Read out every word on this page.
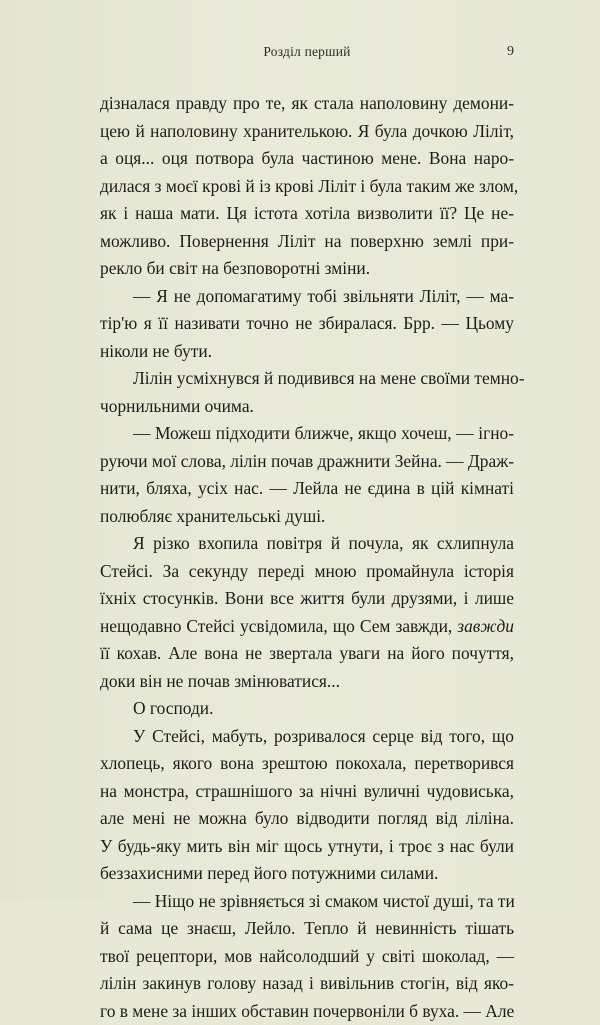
Розділ перший	9
дізналася правду про те, як стала наполовину демони-
цею й наполовину хранителькою. Я була дочкою Ліліт,
а оця... оця потвора була частиною мене. Вона наро-
дилася з моєї крові й із крові Ліліт і була таким же злом,
як і наша мати. Ця істота хотіла визволити її? Це не-
можливо. Повернення Ліліт на поверхню землі при-
рекло би світ на безповоротні зміни.
— Я не допомагатиму тобі звільняти Ліліт, — ма-
тір'ю я її називати точно не збиралася. Брр. — Цьому
ніколи не бути.
Лілін усміхнувся й подивився на мене своїми темно-
чорнильними очима.
— Можеш підходити ближче, якщо хочеш, — ігно-
руючи мої слова, лілін почав дражнити Зейна. — Драж-
нити, бляха, усіх нас. — Лейла не єдина в цій кімнаті
полюбляє хранительські душі.
Я різко вхопила повітря й почула, як схлипнула
Стейсі. За секунду переді мною промайнула історія
їхніх стосунків. Вони все життя були друзями, і лише
нещодавно Стейсі усвідомила, що Сем завжди, завжди
її кохав. Але вона не звертала уваги на його почуття,
доки він не почав змінюватися...
О господи.
У Стейсі, мабуть, розривалося серце від того, що
хлопець, якого вона зрештою покохала, перетворився
на монстра, страшнішого за нічні вуличні чудовиська,
але мені не можна було відводити погляд від ліліна.
У будь-яку мить він міг щось утнути, і троє з нас були
беззахисними перед його потужними силами.
— Ніщо не зрівняється зі смаком чистої душі, та ти
й сама це знаєш, Лейло. Тепло й невинність тішать
твої рецептори, мов найсолодший у світі шоколад, —
лілін закинув голову назад і вивільнив стогін, від яко-
го в мене за інших обставин почервоніли б вуха. — Але
